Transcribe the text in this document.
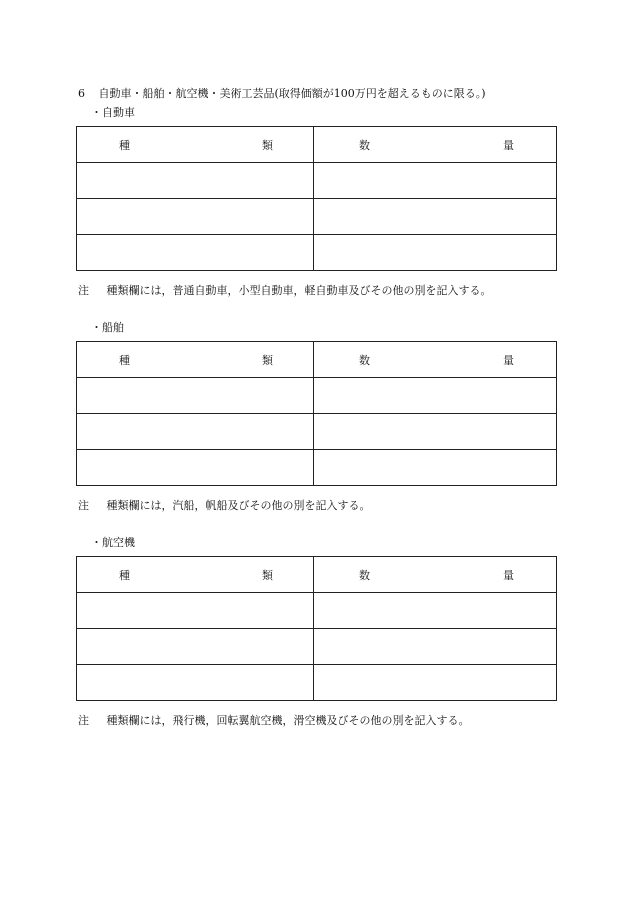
6 自動車・船舶・航空機・美術工芸品(取得価額が100万円を超えるものに限る。)
・自動車
種 類	数 量

注 種類欄には，普通自動車，小型自動車，軽自動車及びその他の別を記入する。
・船舶
種 類	数 量

注 種類欄には，汽船，帆船及びその他の別を記入する。
・航空機
種 類	数 量

注 種類欄には，飛行機，回転翼航空機，滑空機及びその他の別を記入する。
